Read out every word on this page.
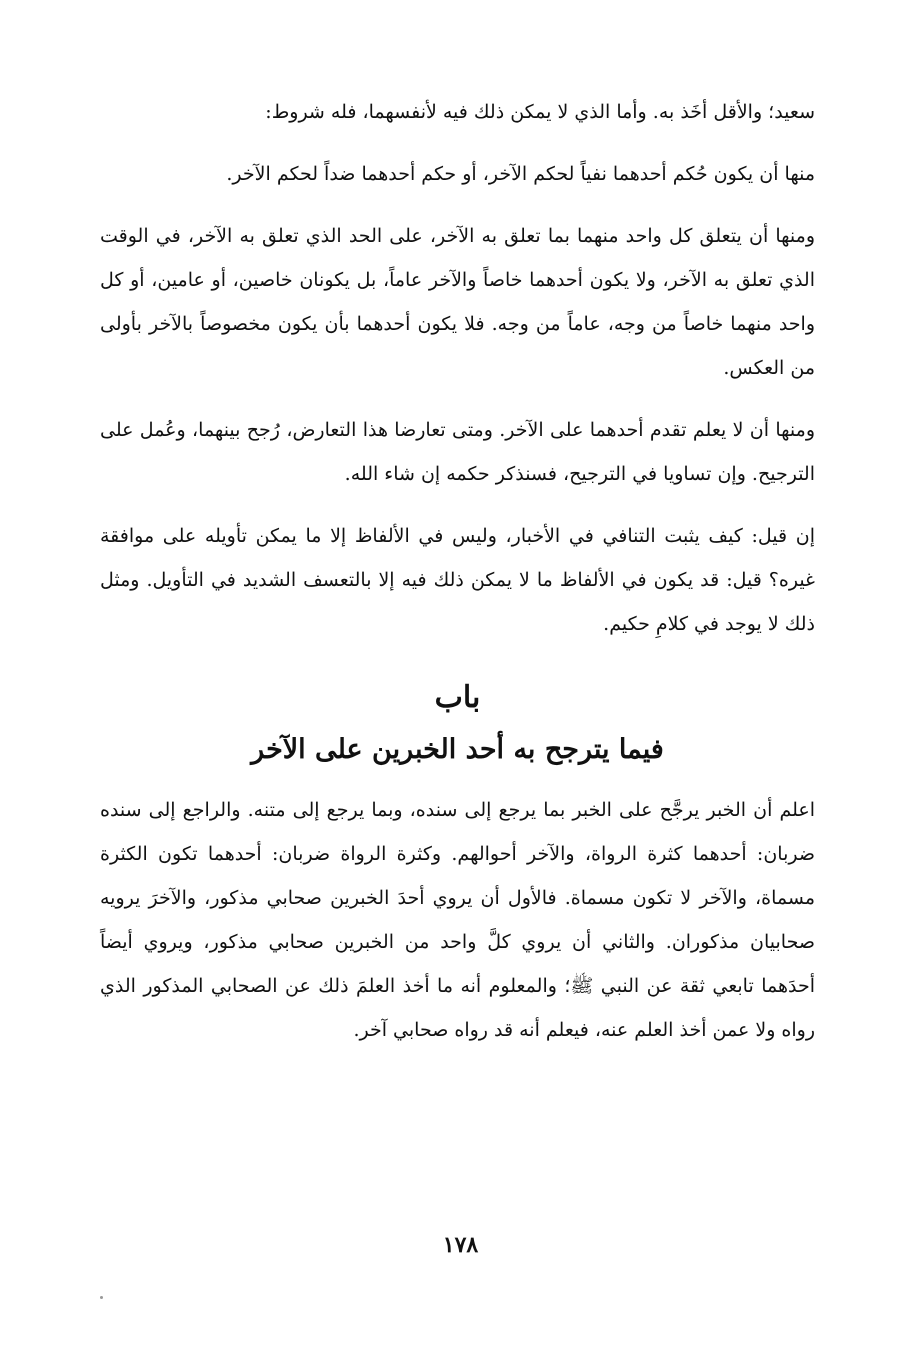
سعيد؛ والأقل أخَذ به. وأما الذي لا يمكن ذلك فيه لأنفسهما، فله شروط:

منها أن يكون حُكم أحدهما نفياً لحكم الآخر، أو حكم أحدهما ضداً لحكم الآخر.

ومنها أن يتعلق كل واحد منهما بما تعلق به الآخر، على الحد الذي تعلق به الآخر، في الوقت الذي تعلق به الآخر، ولا يكون أحدهما خاصاً والآخر عاماً، بل يكونان خاصين، أو عامين، أو كل واحد منهما خاصاً من وجه، عاماً من وجه. فلا يكون أحدهما بأن يكون مخصوصاً بالآخر بأولى من العكس.

ومنها أن لا يعلم تقدم أحدهما على الآخر. ومتى تعارضا هذا التعارض، رُجح بينهما، وعُمل على الترجيح. وإن تساويا في الترجيح، فسنذكر حكمه إن شاء الله.

إن قيل: كيف يثبت التنافي في الأخبار، وليس في الألفاظ إلا ما يمكن تأويله على موافقة غيره؟ قيل: قد يكون في الألفاظ ما لا يمكن ذلك فيه إلا بالتعسف الشديد في التأويل. ومثل ذلك لا يوجد في كلامِ حكيم.

باب
فيما يترجح به أحد الخبرين على الآخر

اعلم أن الخبر يرجَّح على الخبر بما يرجع إلى سنده، وبما يرجع إلى متنه. والراجع إلى سنده ضربان: أحدهما كثرة الرواة، والآخر أحوالهم. وكثرة الرواة ضربان: أحدهما تكون الكثرة مسماة، والآخر لا تكون مسماة. فالأول أن يروي أحدَ الخبرين صحابي مذكور، والآخرَ يرويه صحابيان مذكوران. والثاني أن يروي كلَّ واحد من الخبرين صحابي مذكور، ويروي أيضاً أحدَهما تابعي ثقة عن النبي ﷺ؛ والمعلوم أنه ما أخذ العلمَ ذلك عن الصحابي المذكور الذي رواه ولا عمن أخذ العلم عنه، فيعلم أنه قد رواه صحابي آخر.

١٧٨
